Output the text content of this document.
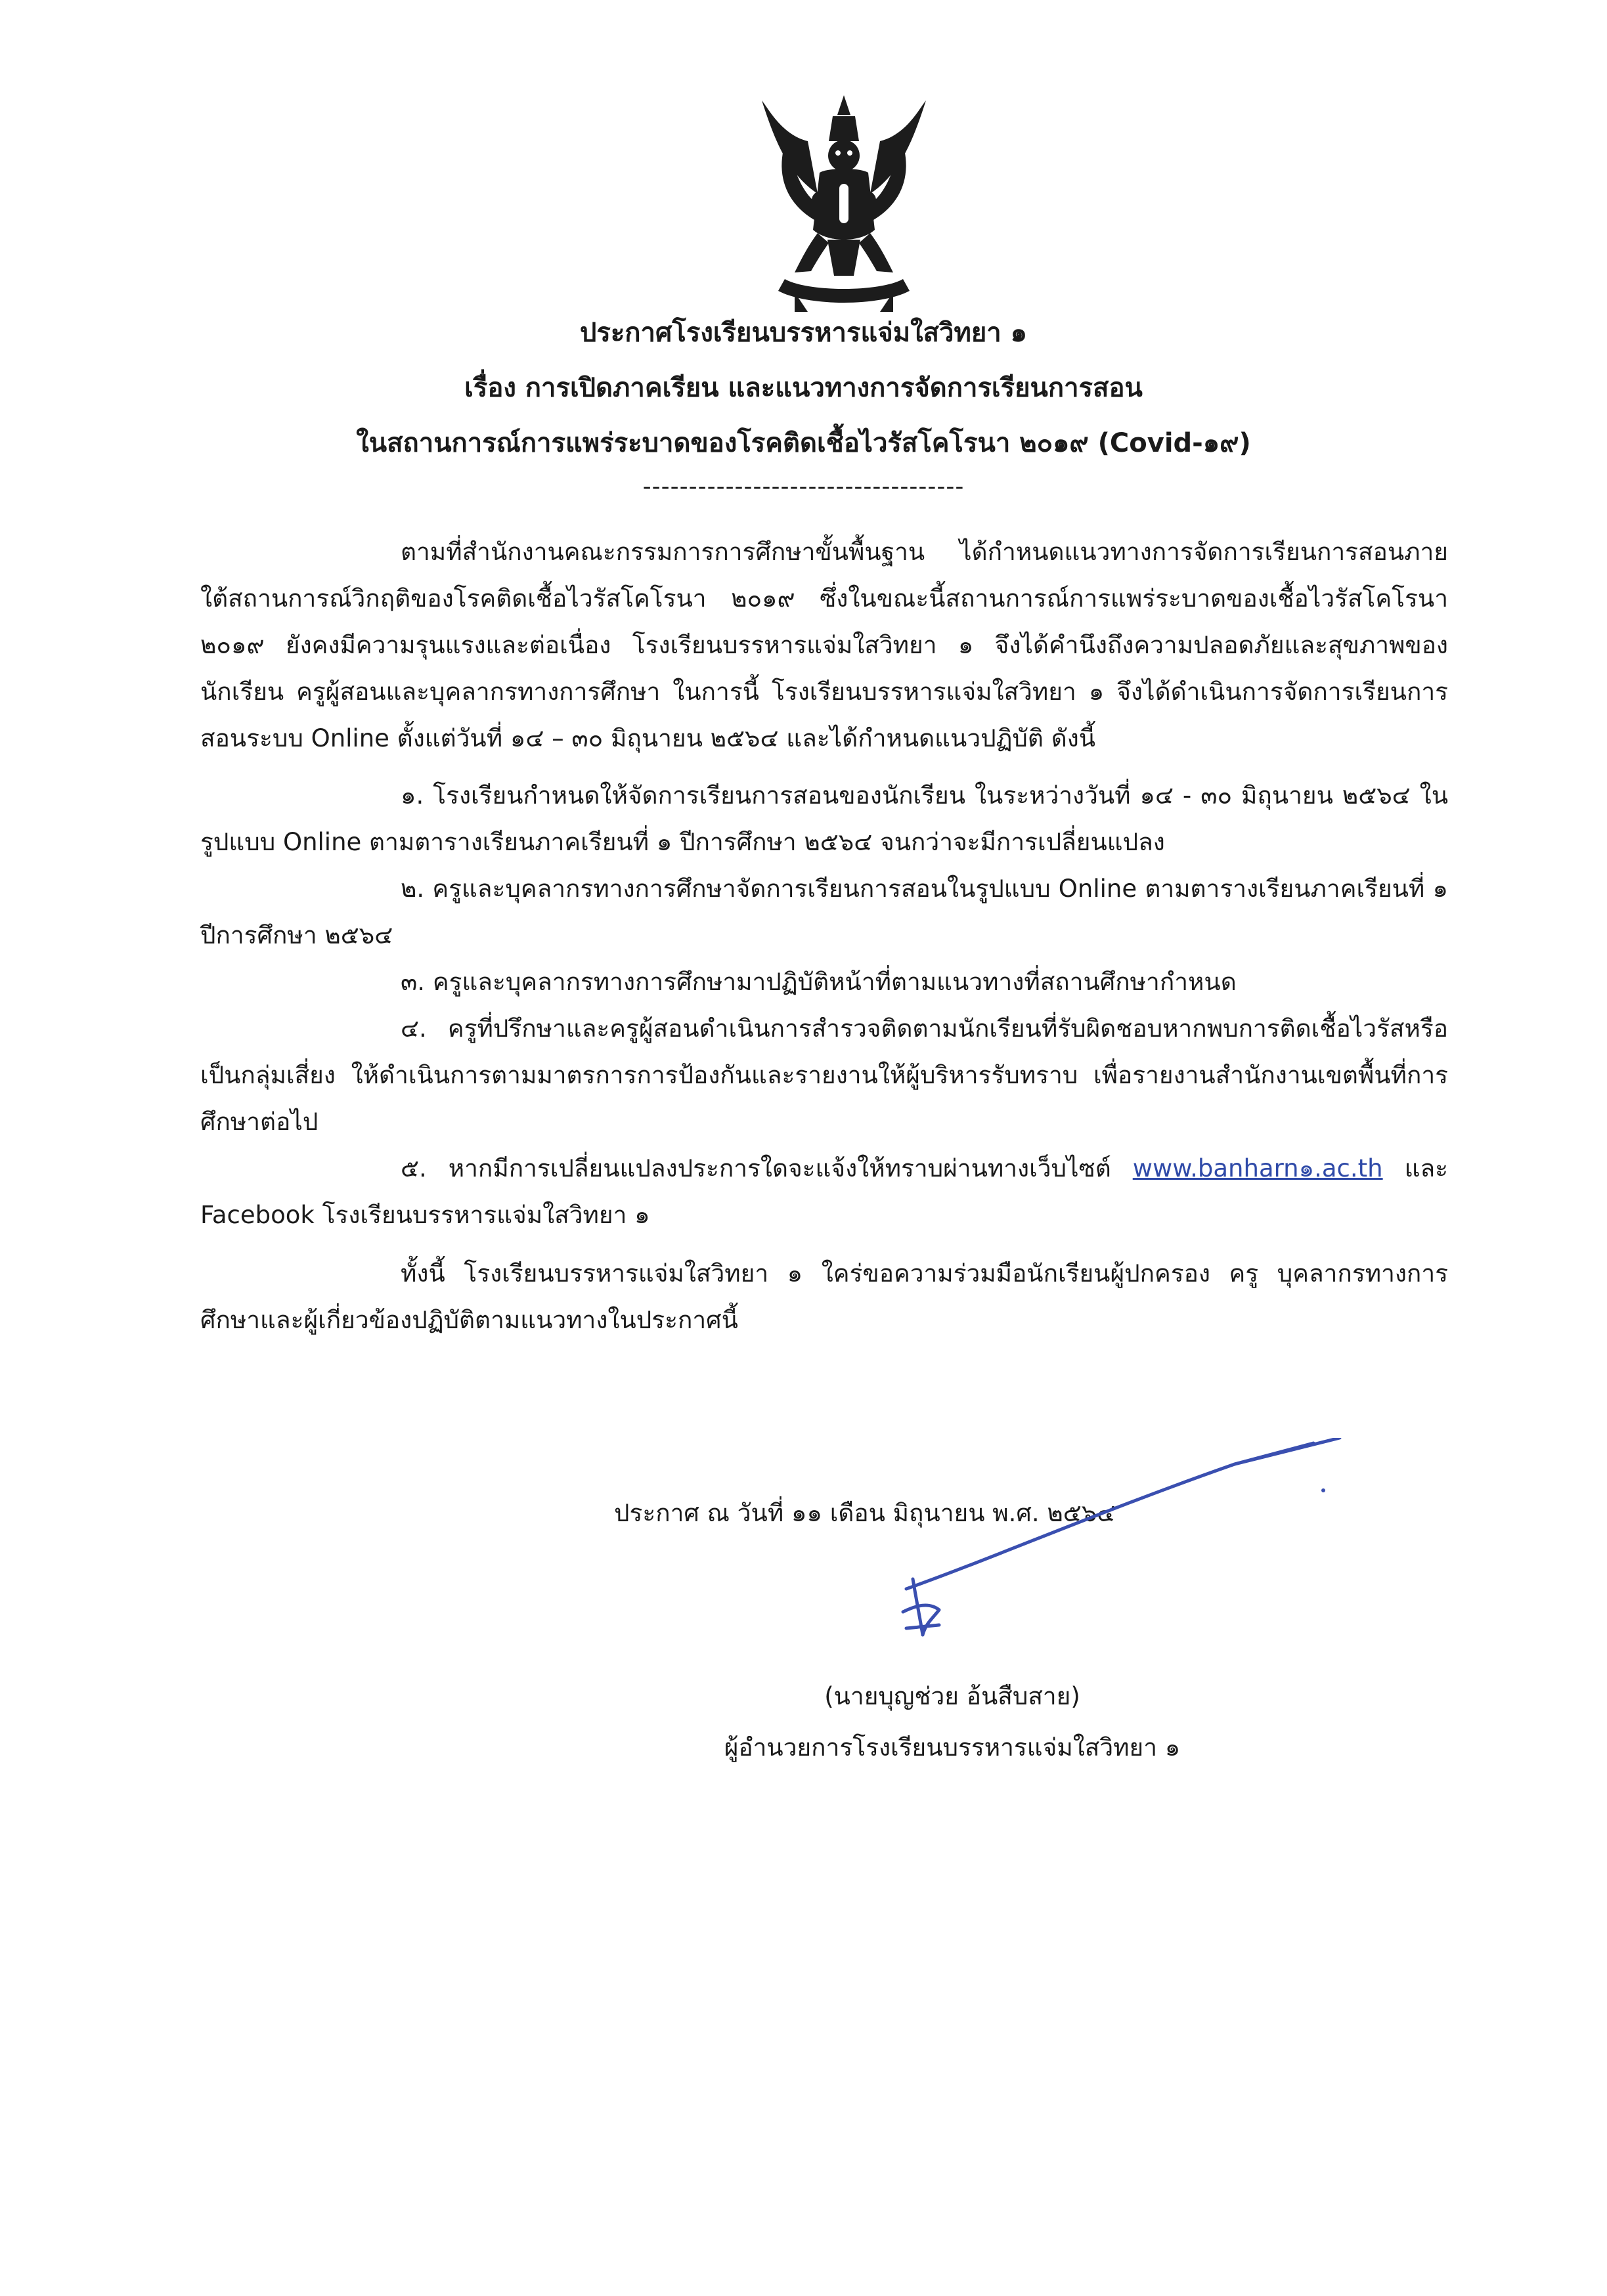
ประกาศโรงเรียนบรรหารแจ่มใสวิทยา ๑
เรื่อง การเปิดภาคเรียน และแนวทางการจัดการเรียนการสอน
ในสถานการณ์การแพร่ระบาดของโรคติดเชื้อไวรัสโคโรนา ๒๐๑๙ (Covid-๑๙)
-----------------------------------

ตามที่สำนักงานคณะกรรมการการศึกษาขั้นพื้นฐาน ได้กำหนดแนวทางการจัดการเรียนการสอนภายใต้สถานการณ์วิกฤติของโรคติดเชื้อไวรัสโคโรนา ๒๐๑๙ ซึ่งในขณะนี้สถานการณ์การแพร่ระบาดของเชื้อไวรัสโคโรนา ๒๐๑๙ ยังคงมีความรุนแรงและต่อเนื่อง โรงเรียนบรรหารแจ่มใสวิทยา ๑ จึงได้คำนึงถึงความปลอดภัยและสุขภาพของนักเรียน ครูผู้สอนและบุคลากรทางการศึกษา ในการนี้ โรงเรียนบรรหารแจ่มใสวิทยา ๑ จึงได้ดำเนินการจัดการเรียนการสอนระบบ Online ตั้งแต่วันที่ ๑๔ – ๓๐ มิถุนายน ๒๕๖๔ และได้กำหนดแนวปฏิบัติ ดังนี้

๑. โรงเรียนกำหนดให้จัดการเรียนการสอนของนักเรียน ในระหว่างวันที่ ๑๔ - ๓๐ มิถุนายน ๒๕๖๔ ในรูปแบบ Online ตามตารางเรียนภาคเรียนที่ ๑ ปีการศึกษา ๒๕๖๔ จนกว่าจะมีการเปลี่ยนแปลง

๒. ครูและบุคลากรทางการศึกษาจัดการเรียนการสอนในรูปแบบ Online ตามตารางเรียนภาคเรียนที่ ๑ ปีการศึกษา ๒๕๖๔

๓. ครูและบุคลากรทางการศึกษามาปฏิบัติหน้าที่ตามแนวทางที่สถานศึกษากำหนด

๔. ครูที่ปรึกษาและครูผู้สอนดำเนินการสำรวจติดตามนักเรียนที่รับผิดชอบหากพบการติดเชื้อไวรัสหรือเป็นกลุ่มเสี่ยง ให้ดำเนินการตามมาตรการการป้องกันและรายงานให้ผู้บริหารรับทราบ เพื่อรายงานสำนักงานเขตพื้นที่การศึกษาต่อไป

๕. หากมีการเปลี่ยนแปลงประการใดจะแจ้งให้ทราบผ่านทางเว็บไซต์ www.banharn๑.ac.th และ Facebook โรงเรียนบรรหารแจ่มใสวิทยา ๑

ทั้งนี้ โรงเรียนบรรหารแจ่มใสวิทยา ๑ ใคร่ขอความร่วมมือนักเรียนผู้ปกครอง ครู บุคลากรทางการศึกษาและผู้เกี่ยวข้องปฏิบัติตามแนวทางในประกาศนี้

ประกาศ ณ วันที่ ๑๑ เดือน มิถุนายน พ.ศ. ๒๕๖๔
(นายบุญช่วย อ้นสืบสาย)
ผู้อำนวยการโรงเรียนบรรหารแจ่มใสวิทยา ๑
